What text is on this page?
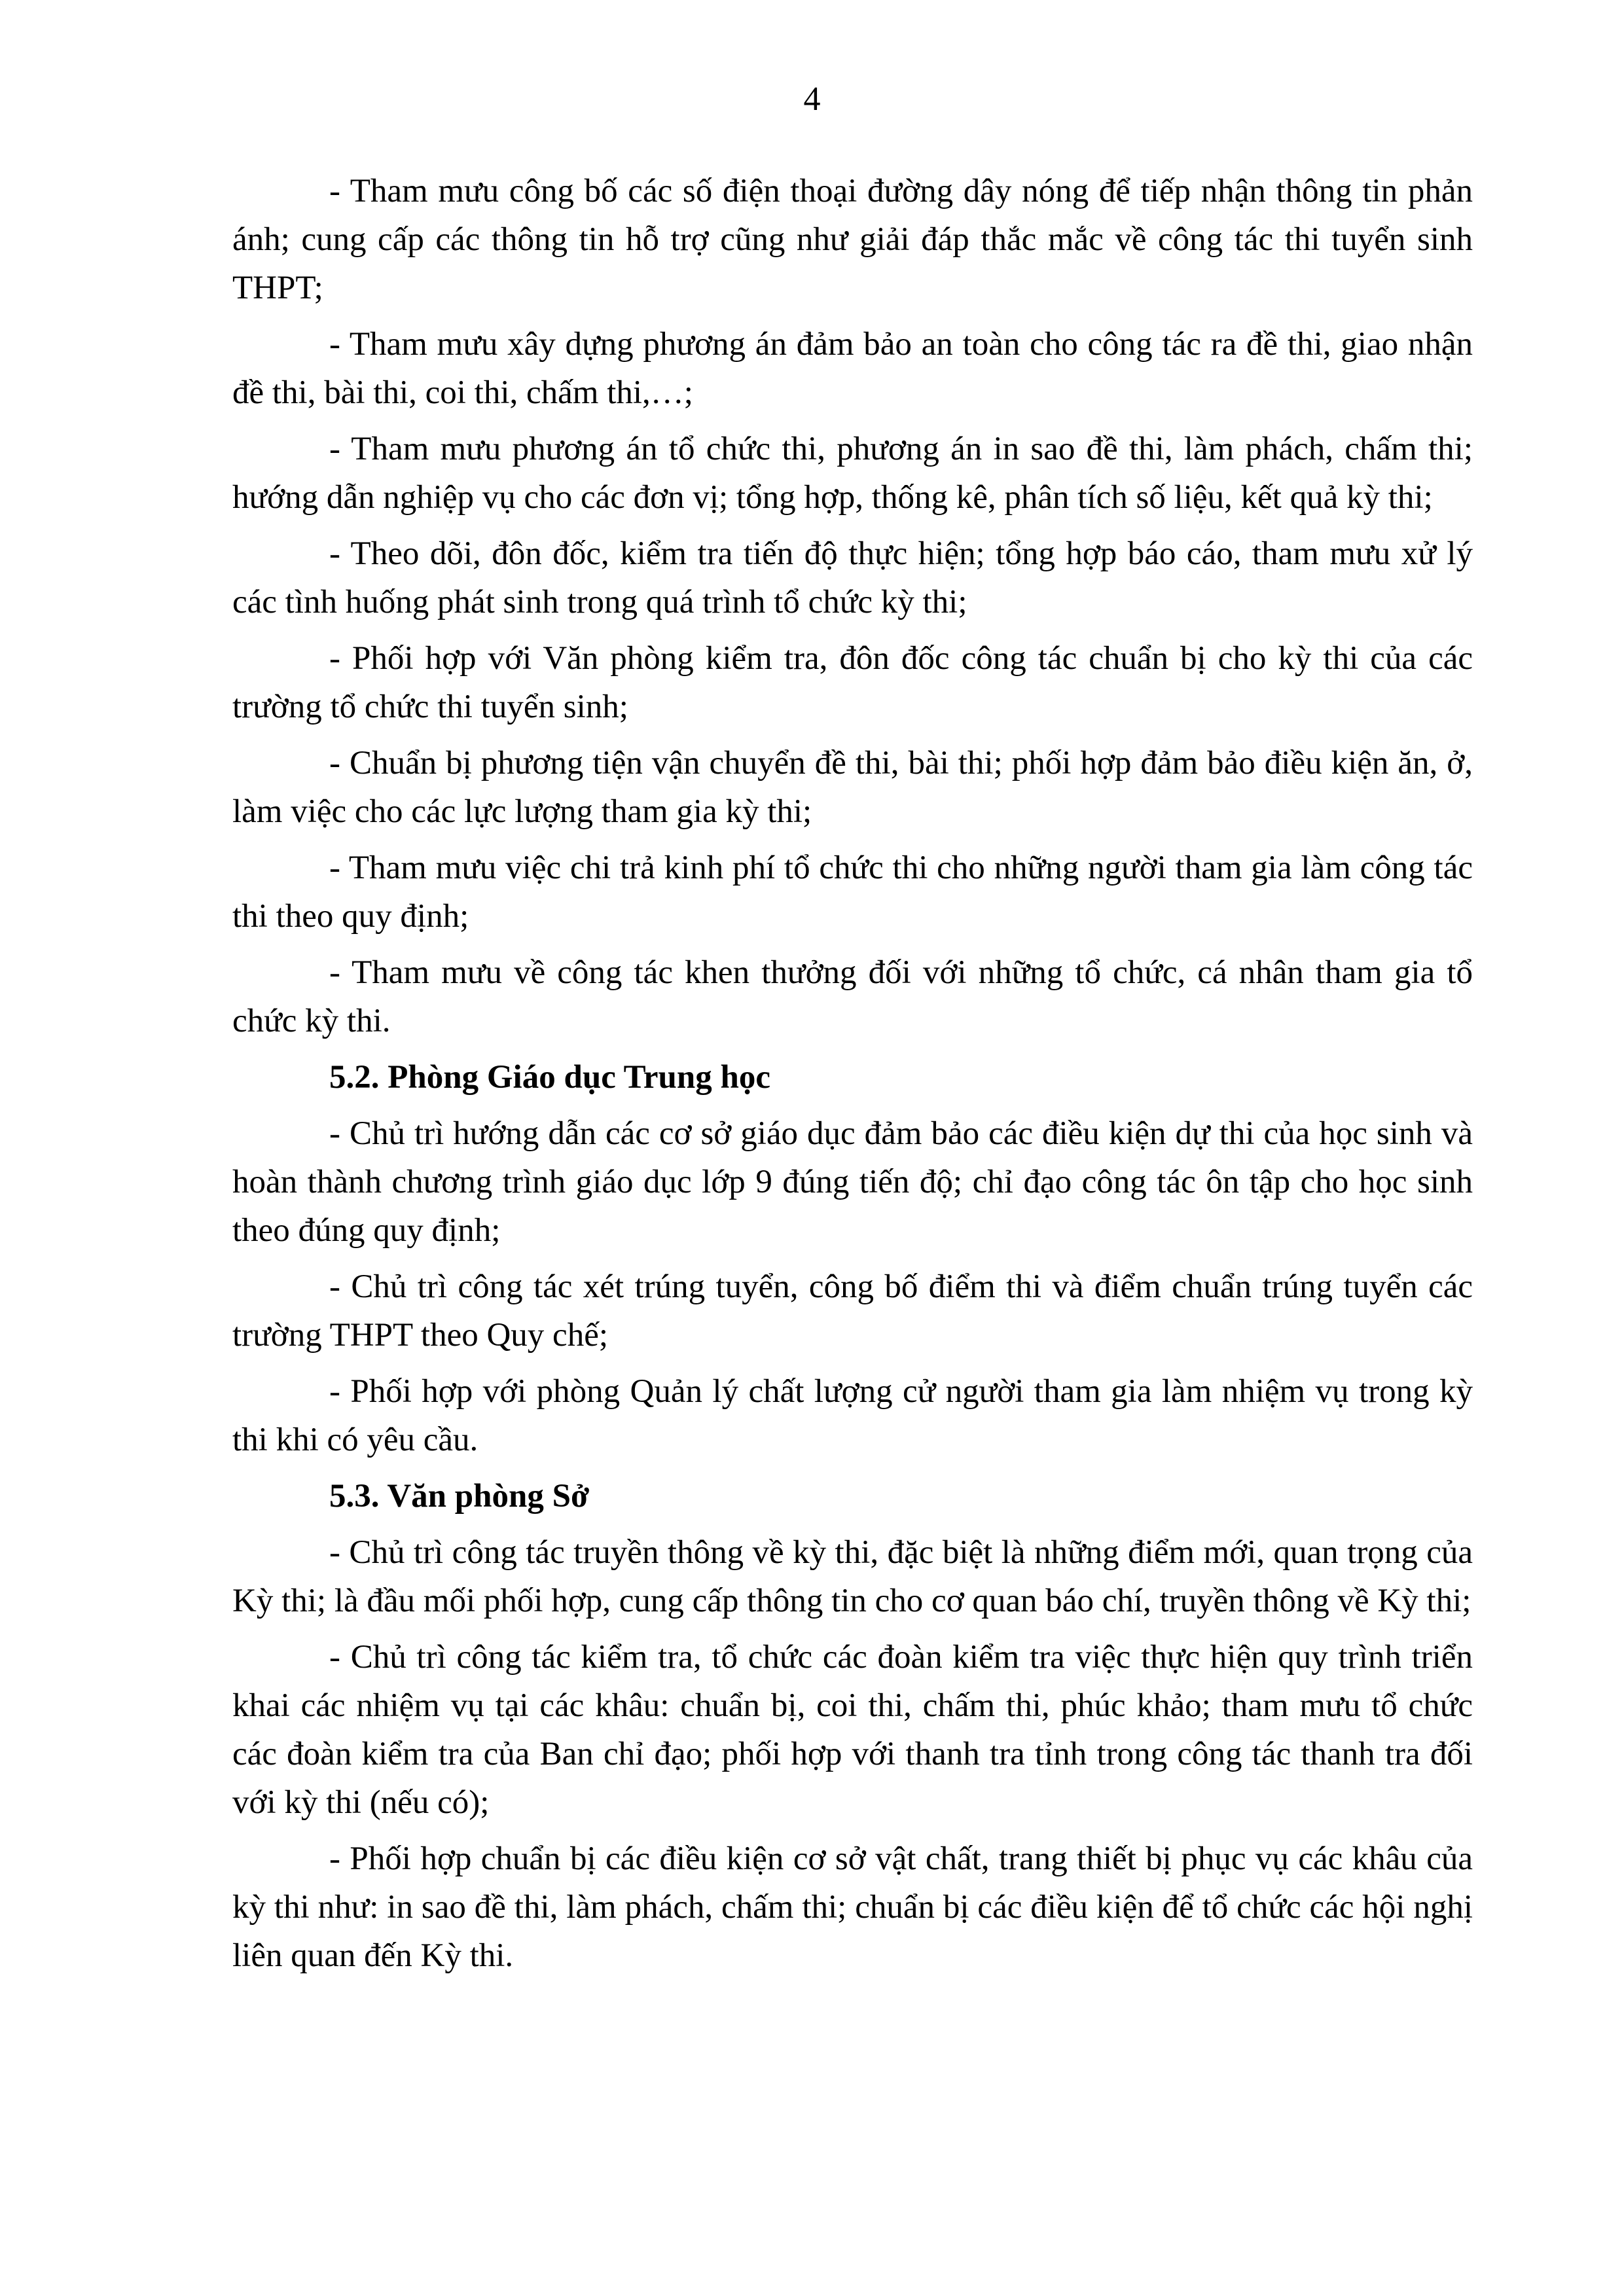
4

- Tham mưu công bố các số điện thoại đường dây nóng để tiếp nhận thông tin phản ánh; cung cấp các thông tin hỗ trợ cũng như giải đáp thắc mắc về công tác thi tuyển sinh THPT;

- Tham mưu xây dựng phương án đảm bảo an toàn cho công tác ra đề thi, giao nhận đề thi, bài thi, coi thi, chấm thi,…;

- Tham mưu phương án tổ chức thi, phương án in sao đề thi, làm phách, chấm thi; hướng dẫn nghiệp vụ cho các đơn vị; tổng hợp, thống kê, phân tích số liệu, kết quả kỳ thi;

- Theo dõi, đôn đốc, kiểm tra tiến độ thực hiện; tổng hợp báo cáo, tham mưu xử lý các tình huống phát sinh trong quá trình tổ chức kỳ thi;

- Phối hợp với Văn phòng kiểm tra, đôn đốc công tác chuẩn bị cho kỳ thi của các trường tổ chức thi tuyển sinh;

- Chuẩn bị phương tiện vận chuyển đề thi, bài thi; phối hợp đảm bảo điều kiện ăn, ở, làm việc cho các lực lượng tham gia kỳ thi;

- Tham mưu việc chi trả kinh phí tổ chức thi cho những người tham gia làm công tác thi theo quy định;

- Tham mưu về công tác khen thưởng đối với những tổ chức, cá nhân tham gia tổ chức kỳ thi.

5.2. Phòng Giáo dục Trung học

- Chủ trì hướng dẫn các cơ sở giáo dục đảm bảo các điều kiện dự thi của học sinh và hoàn thành chương trình giáo dục lớp 9 đúng tiến độ; chỉ đạo công tác ôn tập cho học sinh theo đúng quy định;

- Chủ trì công tác xét trúng tuyển, công bố điểm thi và điểm chuẩn trúng tuyển các trường THPT theo Quy chế;

- Phối hợp với phòng Quản lý chất lượng cử người tham gia làm nhiệm vụ trong kỳ thi khi có yêu cầu.

5.3. Văn phòng Sở

- Chủ trì công tác truyền thông về kỳ thi, đặc biệt là những điểm mới, quan trọng của Kỳ thi; là đầu mối phối hợp, cung cấp thông tin cho cơ quan báo chí, truyền thông về Kỳ thi;

- Chủ trì công tác kiểm tra, tổ chức các đoàn kiểm tra việc thực hiện quy trình triển khai các nhiệm vụ tại các khâu: chuẩn bị, coi thi, chấm thi, phúc khảo; tham mưu tổ chức các đoàn kiểm tra của Ban chỉ đạo; phối hợp với thanh tra tỉnh trong công tác thanh tra đối với kỳ thi (nếu có);

- Phối hợp chuẩn bị các điều kiện cơ sở vật chất, trang thiết bị phục vụ các khâu của kỳ thi như: in sao đề thi, làm phách, chấm thi; chuẩn bị các điều kiện để tổ chức các hội nghị liên quan đến Kỳ thi.
